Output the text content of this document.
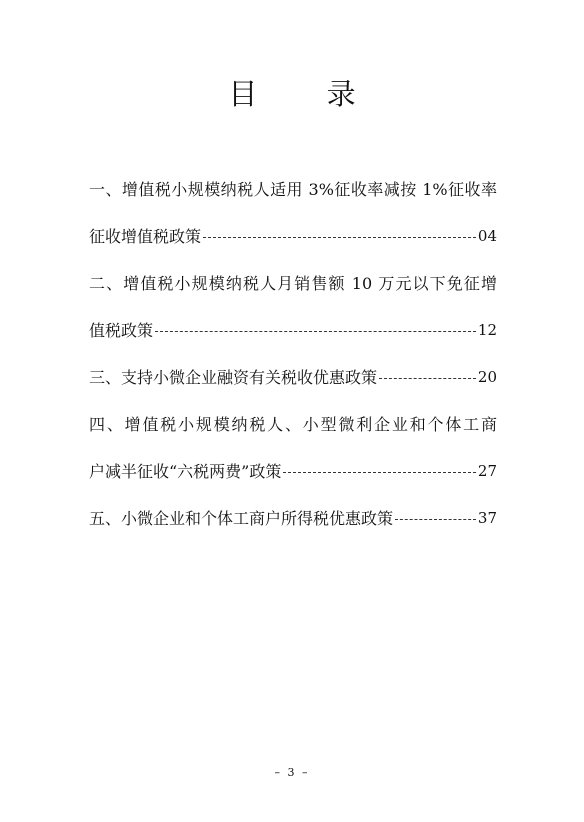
目 录
一、增值税小规模纳税人适用 3%征收率减按 1%征收率
征收增值税政策	04
二、增值税小规模纳税人月销售额 10 万元以下免征增
值税政策	12
三、支持小微企业融资有关税收优惠政策	20
四、增值税小规模纳税人、小型微利企业和个体工商
户减半征收“六税两费”政策	27
五、小微企业和个体工商户所得税优惠政策	37
– 3 –
